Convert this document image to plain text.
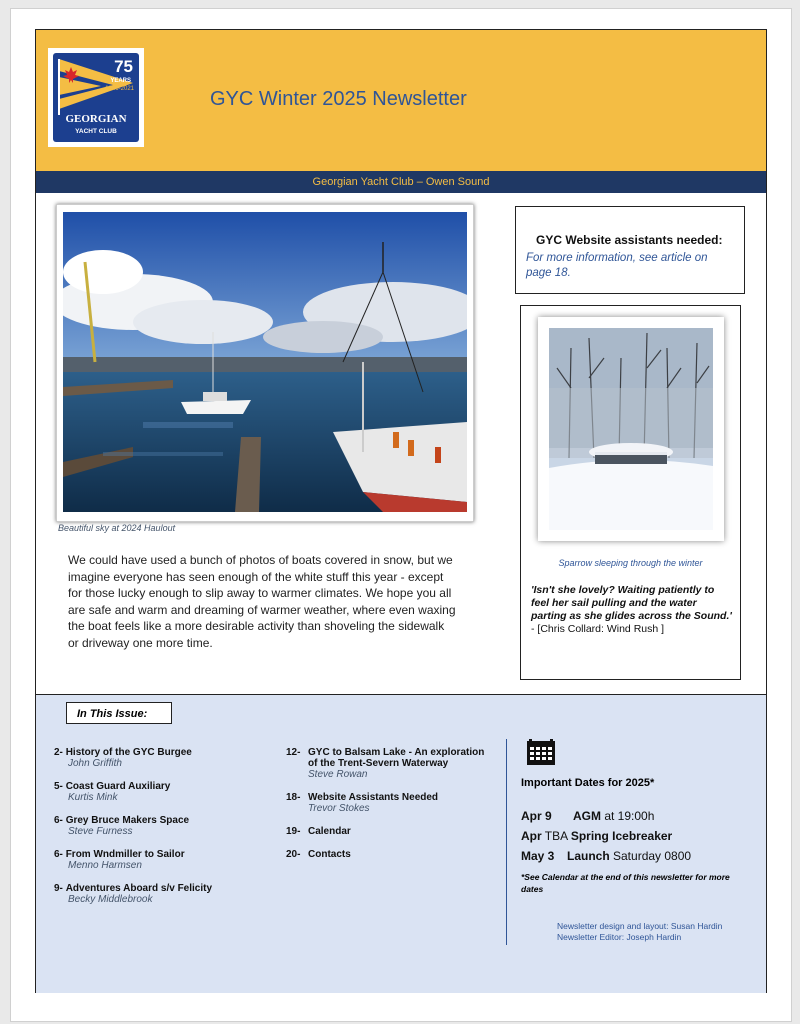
75
YEARS
1946-2021
GEORGIAN
YACHT CLUB
GYC Winter 2025 Newsletter
Georgian Yacht Club – Owen Sound
Beautiful sky at 2024 Haulout
We could have used a bunch of photos of boats covered in snow, but we imagine everyone has seen enough of the white stuff this year - except for those lucky enough to slip away to warmer climates. We hope you all are safe and warm and dreaming of warmer weather, where even waxing the boat feels like a more desirable activity than shoveling the sidewalk or driveway one more time.
GYC Website assistants needed:
For more information, see article on page 18.
Sparrow sleeping through the winter
'Isn't she lovely? Waiting patiently to feel her sail pulling and the water parting as she glides across the Sound.' - [Chris Collard: Wind Rush ]
In This Issue:
2- History of the GYC Burgee
John Griffith
5- Coast Guard Auxiliary
Kurtis Mink
6- Grey Bruce Makers Space
Steve Furness
6- From Wndmiller to Sailor
Menno Harmsen
9- Adventures Aboard s/v Felicity
Becky Middlebrook
12- GYC to Balsam Lake - An exploration of the Trent-Severn Waterway
Steve Rowan
18- Website Assistants Needed
Trevor Stokes
19- Calendar
20- Contacts
Important Dates for 2025*
Apr 9 AGM at 19:00h
Apr TBA Spring Icebreaker
May 3 Launch Saturday 0800
*See Calendar at the end of this newsletter for more dates
Newsletter design and layout: Susan Hardin
Newsletter Editor: Joseph Hardin
